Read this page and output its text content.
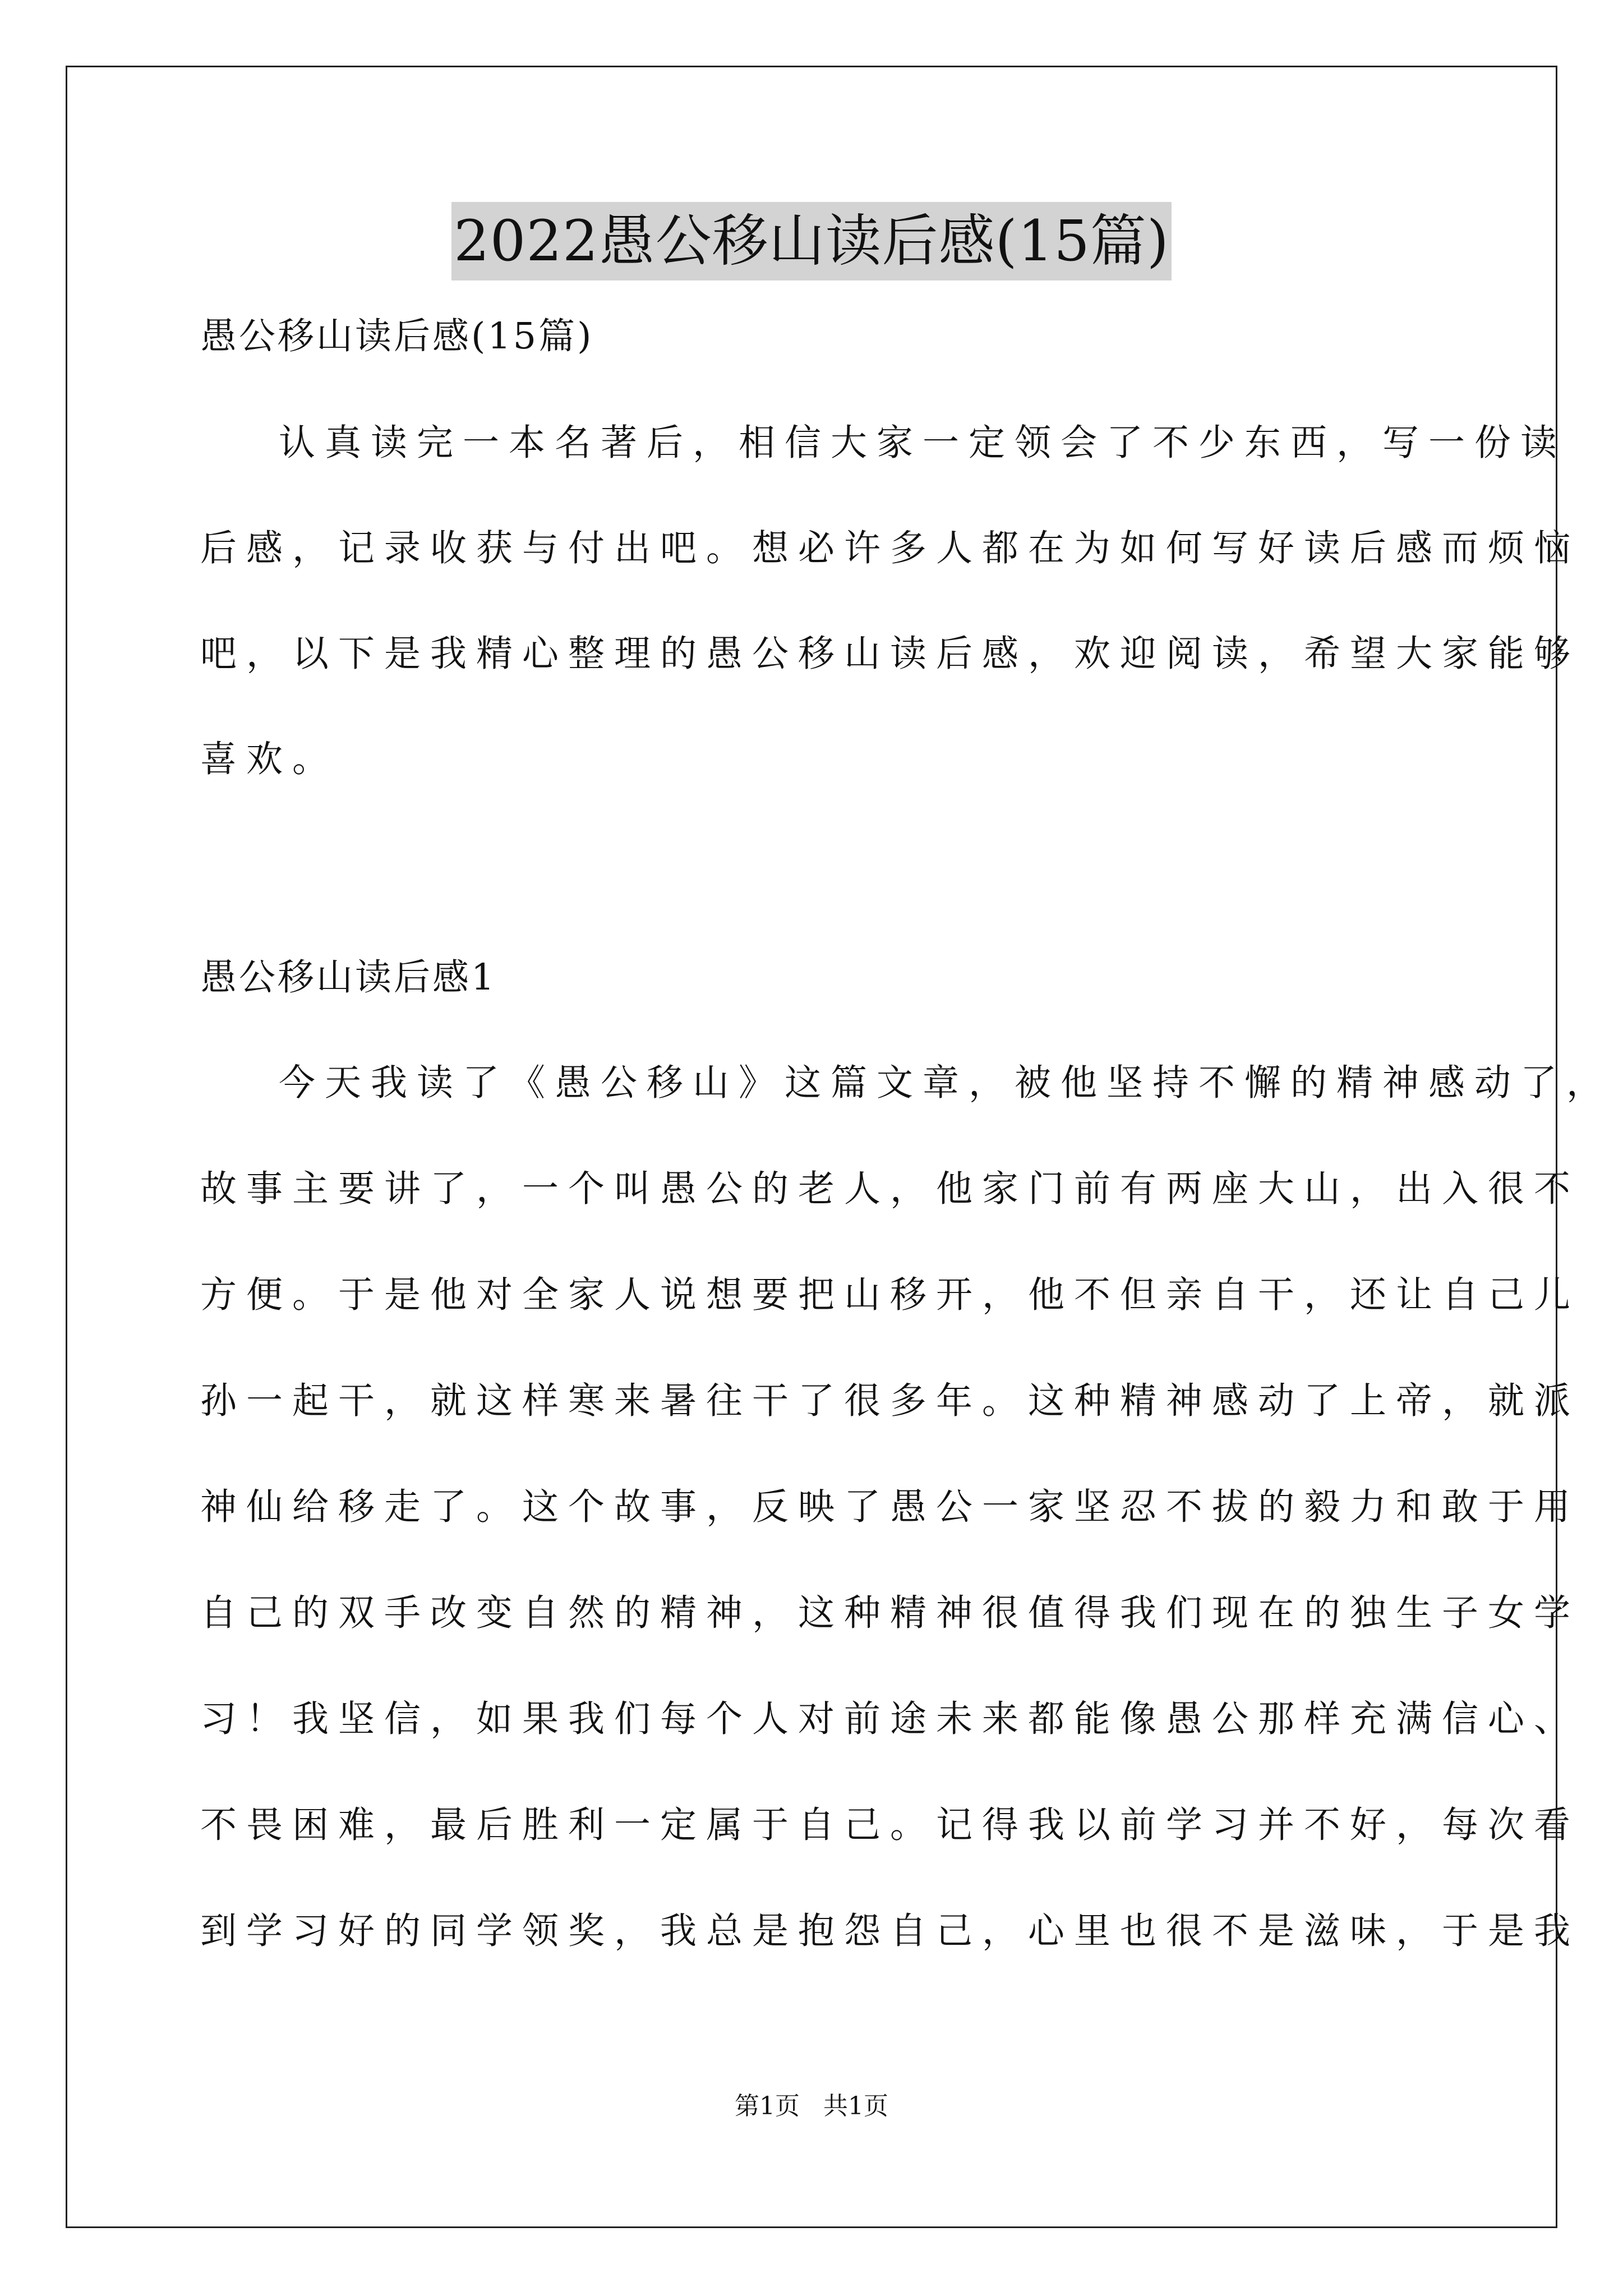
2022愚公移山读后感(15篇)
愚公移山读后感(15篇)
认真读完一本名著后，相信大家一定领会了不少东西，写一份读
后感，记录收获与付出吧。想必许多人都在为如何写好读后感而烦恼
吧，以下是我精心整理的愚公移山读后感，欢迎阅读，希望大家能够
喜欢。
愚公移山读后感1
今天我读了《愚公移山》这篇文章，被他坚持不懈的精神感动了，
故事主要讲了，一个叫愚公的老人，他家门前有两座大山，出入很不
方便。于是他对全家人说想要把山移开，他不但亲自干，还让自己儿
孙一起干，就这样寒来暑往干了很多年。这种精神感动了上帝，就派
神仙给移走了。这个故事，反映了愚公一家坚忍不拔的毅力和敢于用
自己的双手改变自然的精神，这种精神很值得我们现在的独生子女学
习！我坚信，如果我们每个人对前途未来都能像愚公那样充满信心、
不畏困难，最后胜利一定属于自己。记得我以前学习并不好，每次看
到学习好的同学领奖，我总是抱怨自己，心里也很不是滋味，于是我
第1页 共1页
